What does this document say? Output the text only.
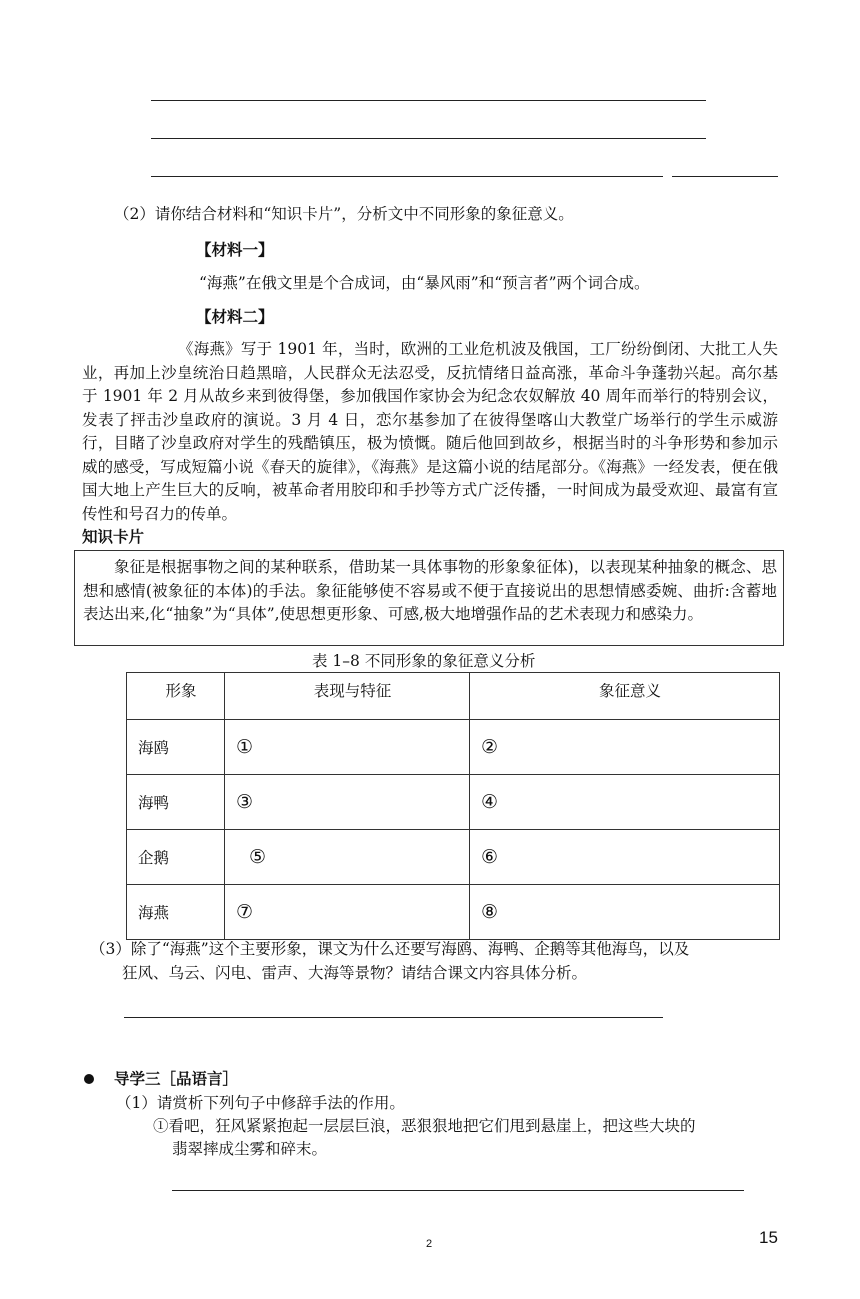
（2）请你结合材料和“知识卡片”，分析文中不同形象的象征意义。
【材料一】
“海燕”在俄文里是个合成词，由“暴风雨”和“预言者”两个词合成。
【材料二】
《海燕》写于 1901 年，当时，欧洲的工业危机波及俄国，工厂纷纷倒闭、大批工人失业，再加上沙皇统治日趋黑暗，人民群众无法忍受，反抗情绪日益高涨，革命斗争蓬勃兴起。高尔基于 1901 年 2 月从故乡来到彼得堡，参加俄国作家协会为纪念农奴解放 40 周年而举行的特别会议，发表了抨击沙皇政府的演说。3 月 4 日，恋尔基参加了在彼得堡喀山大教堂广场举行的学生示威游行，目睹了沙皇政府对学生的残酷镇压，极为愤慨。随后他回到故乡，根据当时的斗争形势和参加示威的感受，写成短篇小说《春天的旋律》，《海燕》是这篇小说的结尾部分。《海燕》一经发表，便在俄国大地上产生巨大的反响，被革命者用胶印和手抄等方式广泛传播，一时间成为最受欢迎、最富有宣传性和号召力的传单。
知识卡片
象征是根据事物之间的某种联系，借助某一具体事物的形象象征体)，以表现某种抽象的概念、思想和感情(被象征的本体)的手法。象征能够使不容易或不便于直接说出的思想情感委婉、曲折:含蓄地表达出来,化“抽象”为“具体”,使思想更形象、可感,极大地增强作品的艺术表现力和感染力。
表 1–8 不同形象的象征意义分析
形象	表现与特征	象征意义
海鸥	①	②
海鸭	③	④
企鹅	⑤	⑥
海燕	⑦	⑧
（3）除了“海燕”这个主要形象，课文为什么还要写海鸥、海鸭、企鹅等其他海鸟，以及
狂风、乌云、闪电、雷声、大海等景物？请结合课文内容具体分析。
导学三［品语言］
（1）请赏析下列句子中修辞手法的作用。
①看吧，狂风紧紧抱起一层层巨浪，恶狠狠地把它们甩到悬崖上，把这些大块的
翡翠摔成尘雾和碎末。
2	15
